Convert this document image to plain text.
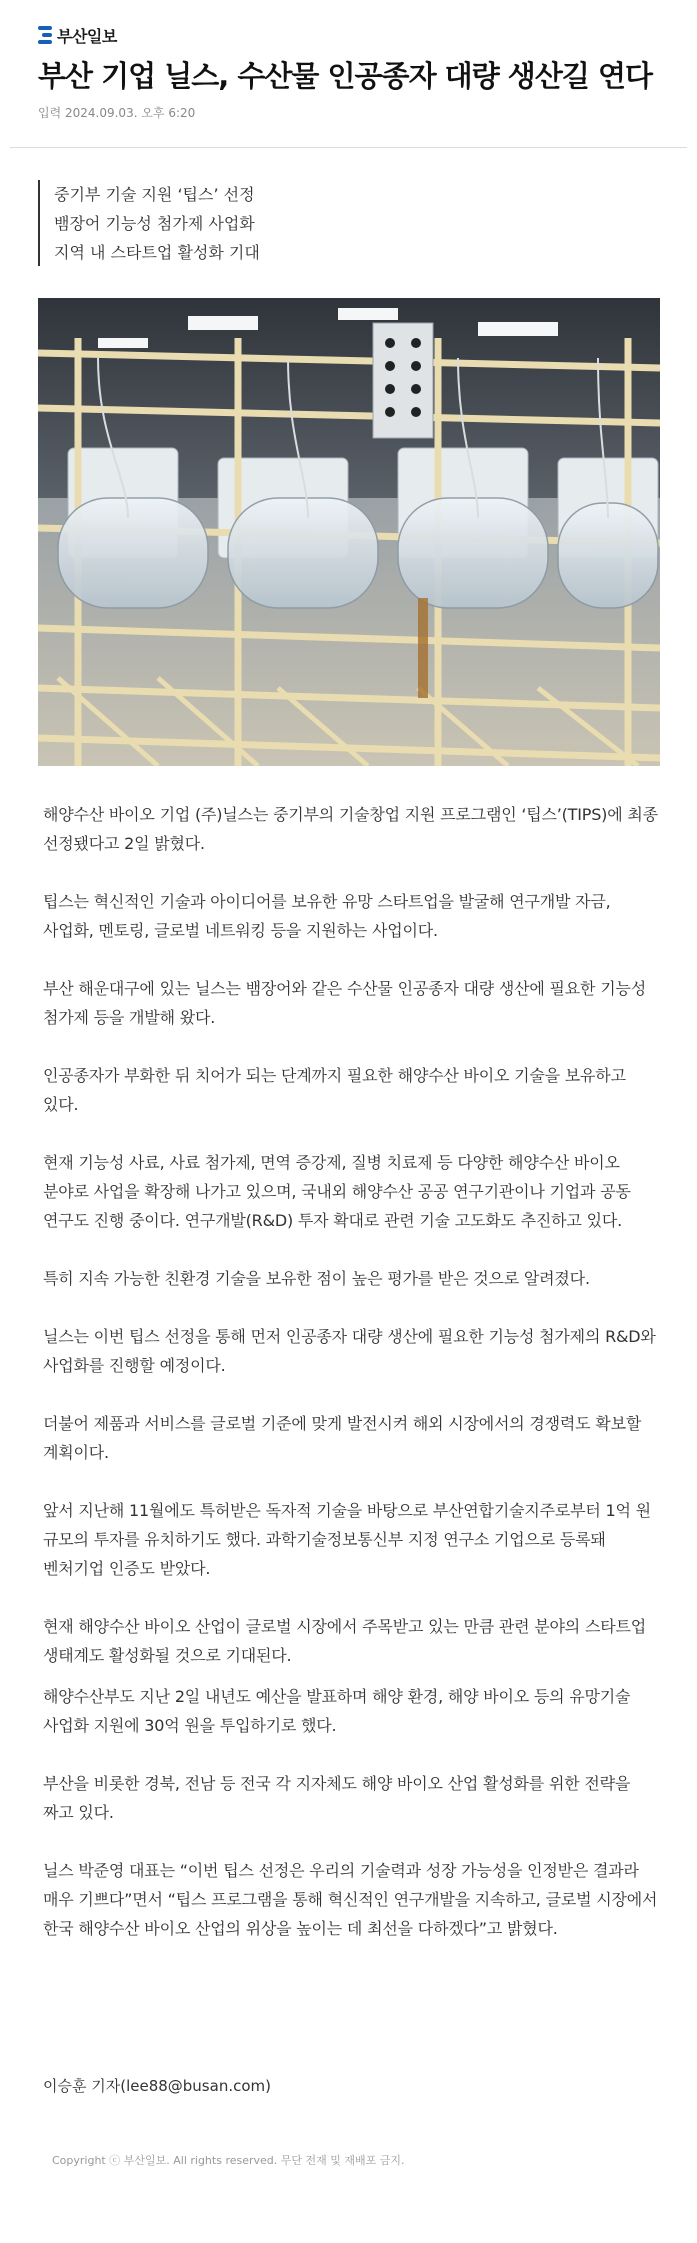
부산일보
부산 기업 닐스, 수산물 인공종자 대량 생산길 연다
입력 2024.09.03. 오후 6:20
중기부 기술 지원 ‘팁스’ 선정
뱀장어 기능성 첨가제 사업화
지역 내 스타트업 활성화 기대

해양수산 바이오 기업 (주)닐스는 중기부의 기술창업 지원 프로그램인 ‘팁스’(TIPS)에 최종 선정됐다고 2일 밝혔다.

팁스는 혁신적인 기술과 아이디어를 보유한 유망 스타트업을 발굴해 연구개발 자금, 사업화, 멘토링, 글로벌 네트워킹 등을 지원하는 사업이다.

부산 해운대구에 있는 닐스는 뱀장어와 같은 수산물 인공종자 대량 생산에 필요한 기능성 첨가제 등을 개발해 왔다.

인공종자가 부화한 뒤 치어가 되는 단계까지 필요한 해양수산 바이오 기술을 보유하고 있다.

현재 기능성 사료, 사료 첨가제, 면역 증강제, 질병 치료제 등 다양한 해양수산 바이오 분야로 사업을 확장해 나가고 있으며, 국내외 해양수산 공공 연구기관이나 기업과 공동 연구도 진행 중이다. 연구개발(R&D) 투자 확대로 관련 기술 고도화도 추진하고 있다.

특히 지속 가능한 친환경 기술을 보유한 점이 높은 평가를 받은 것으로 알려졌다.

닐스는 이번 팁스 선정을 통해 먼저 인공종자 대량 생산에 필요한 기능성 첨가제의 R&D와 사업화를 진행할 예정이다.

더불어 제품과 서비스를 글로벌 기준에 맞게 발전시켜 해외 시장에서의 경쟁력도 확보할 계획이다.

앞서 지난해 11월에도 특허받은 독자적 기술을 바탕으로 부산연합기술지주로부터 1억 원 규모의 투자를 유치하기도 했다. 과학기술정보통신부 지정 연구소 기업으로 등록돼 벤처기업 인증도 받았다.

현재 해양수산 바이오 산업이 글로벌 시장에서 주목받고 있는 만큼 관련 분야의 스타트업 생태계도 활성화될 것으로 기대된다.

해양수산부도 지난 2일 내년도 예산을 발표하며 해양 환경, 해양 바이오 등의 유망기술 사업화 지원에 30억 원을 투입하기로 했다.

부산을 비롯한 경북, 전남 등 전국 각 지자체도 해양 바이오 산업 활성화를 위한 전략을 짜고 있다.

닐스 박준영 대표는 “이번 팁스 선정은 우리의 기술력과 성장 가능성을 인정받은 결과라 매우 기쁘다”면서 “팁스 프로그램을 통해 혁신적인 연구개발을 지속하고, 글로벌 시장에서 한국 해양수산 바이오 산업의 위상을 높이는 데 최선을 다하겠다”고 밝혔다.

이승훈 기자(lee88@busan.com)
Copyright ⓒ 부산일보. All rights reserved. 무단 전재 및 재배포 금지.
